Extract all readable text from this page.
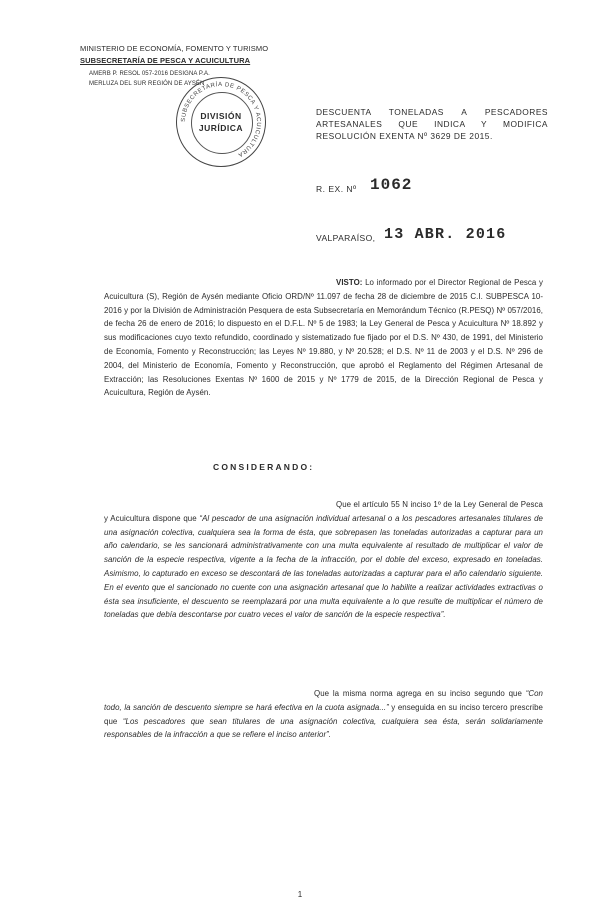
MINISTERIO DE ECONOMÍA, FOMENTO Y TURISMO
SUBSECRETARÍA DE PESCA Y ACUICULTURA
AMERB P. RESOL 057-2016 DESIGNA P.A.
MERLUZA DEL SUR REGIÓN DE AYSÉN
SUBSECRETARÍA DE PESCA Y ACUICULTURA
DIVISIÓN
JURÍDICA
DESCUENTA TONELADAS A PESCADORES ARTESANALES QUE INDICA Y MODIFICA RESOLUCIÓN EXENTA Nº 3629 DE 2015.
R. EX. Nº 1062
VALPARAÍSO, 13 ABR. 2016
VISTO: Lo informado por el Director Regional de Pesca y Acuicultura (S), Región de Aysén mediante Oficio ORD/Nº 11.097 de fecha 28 de diciembre de 2015 C.I. SUBPESCA 10-2016 y por la División de Administración Pesquera de esta Subsecretaría en Memorándum Técnico (R.PESQ) Nº 057/2016, de fecha 26 de enero de 2016; lo dispuesto en el D.F.L. Nº 5 de 1983; la Ley General de Pesca y Acuicultura Nº 18.892 y sus modificaciones cuyo texto refundido, coordinado y sistematizado fue fijado por el D.S. Nº 430, de 1991, del Ministerio de Economía, Fomento y Reconstrucción; las Leyes Nº 19.880, y Nº 20.528; el D.S. Nº 11 de 2003 y el D.S. Nº 296 de 2004, del Ministerio de Economía, Fomento y Reconstrucción, que aprobó el Reglamento del Régimen Artesanal de Extracción; las Resoluciones Exentas Nº 1600 de 2015 y Nº 1779 de 2015, de la Dirección Regional de Pesca y Acuicultura, Región de Aysén.
CONSIDERANDO:
Que el artículo 55 N inciso 1º de la Ley General de Pesca y Acuicultura dispone que “Al pescador de una asignación individual artesanal o a los pescadores artesanales titulares de una asignación colectiva, cualquiera sea la forma de ésta, que sobrepasen las toneladas autorizadas a capturar para un año calendario, se les sancionará administrativamente con una multa equivalente al resultado de multiplicar el valor de sanción de la especie respectiva, vigente a la fecha de la infracción, por el doble del exceso, expresado en toneladas. Asimismo, lo capturado en exceso se descontará de las toneladas autorizadas a capturar para el año calendario siguiente. En el evento que el sancionado no cuente con una asignación artesanal que lo habilite a realizar actividades extractivas o ésta sea insuficiente, el descuento se reemplazará por una multa equivalente a lo que resulte de multiplicar el número de toneladas que debía descontarse por cuatro veces el valor de sanción de la especie respectiva”.
Que la misma norma agrega en su inciso segundo que “Con todo, la sanción de descuento siempre se hará efectiva en la cuota asignada...” y enseguida en su inciso tercero prescribe que “Los pescadores que sean titulares de una asignación colectiva, cualquiera sea ésta, serán solidariamente responsables de la infracción a que se refiere el inciso anterior”.
1
